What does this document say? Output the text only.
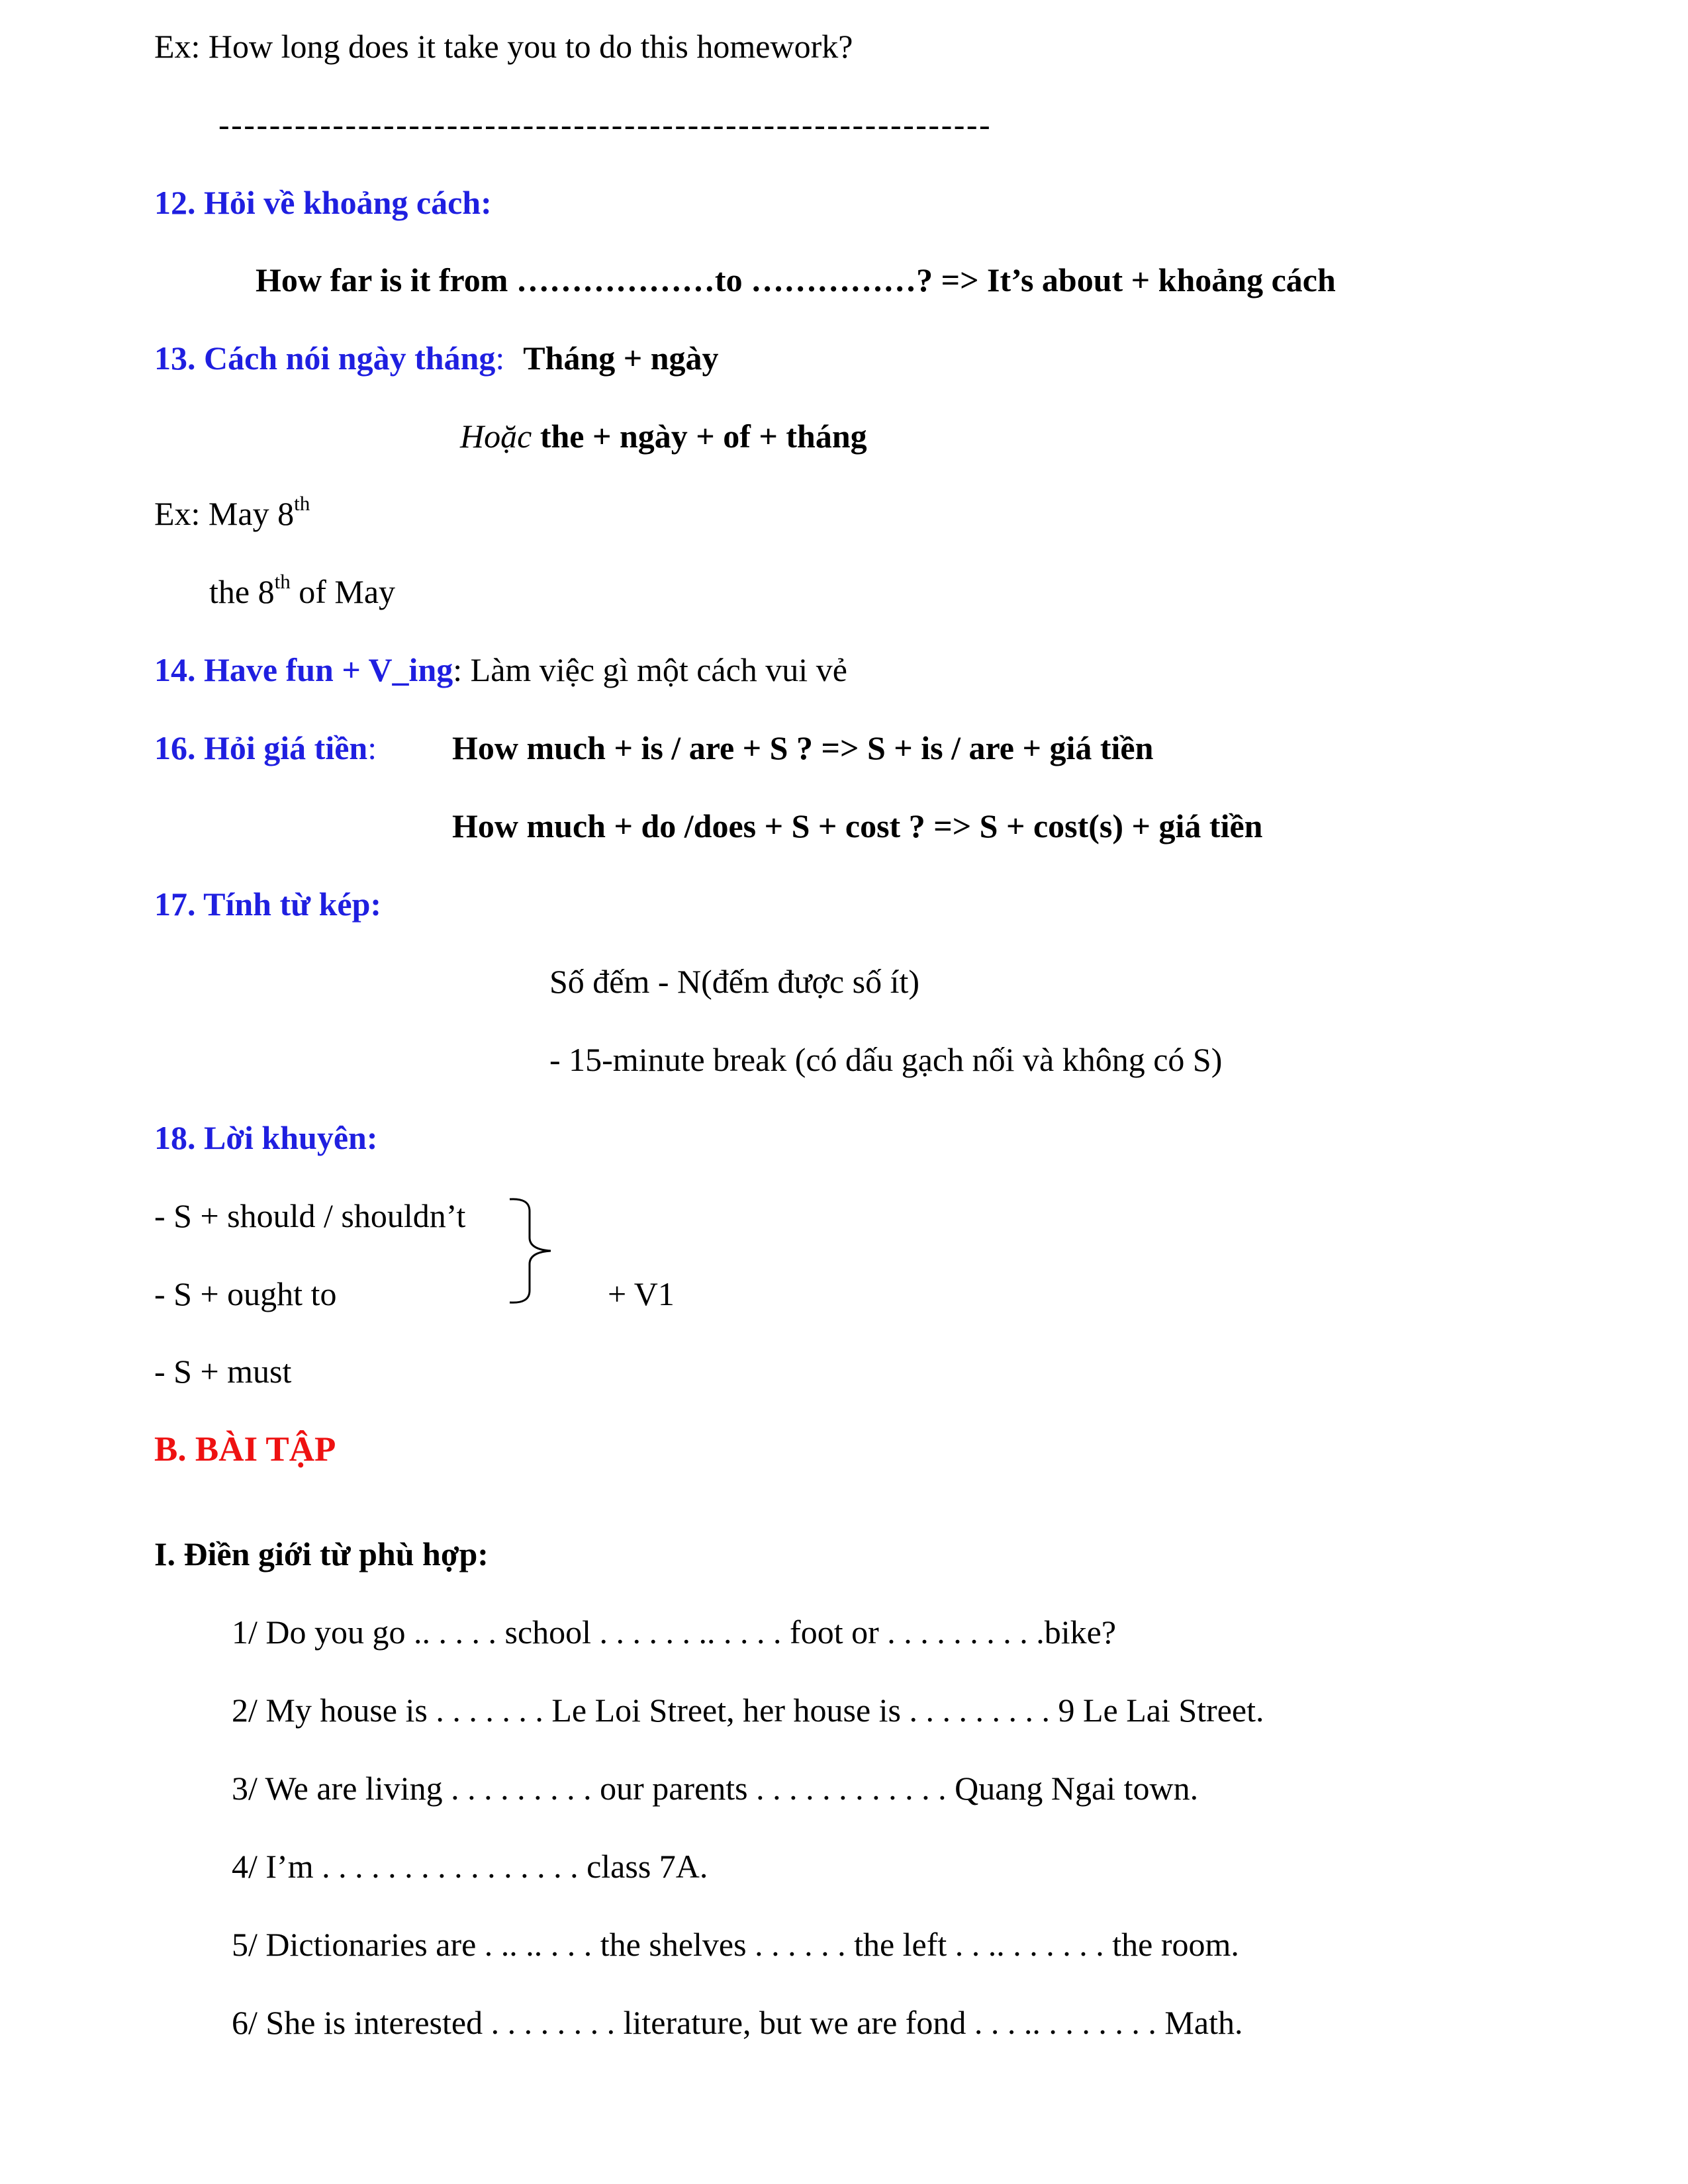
Ex: How long does it take you to do this homework?
-------------------------------------------------------------
12. Hỏi về khoảng cách:
How far is it from ………………to ……………? => It’s about + khoảng cách
13. Cách nói ngày tháng: Tháng + ngày
Hoặc the + ngày + of + tháng
Ex: May 8th
the 8th of May
14. Have fun + V_ing: Làm việc gì một cách vui vẻ
16. Hỏi giá tiền: How much + is / are + S ? => S + is / are + giá tiền
How much + do /does + S + cost ? => S + cost(s) + giá tiền
17. Tính từ kép:
Số đếm - N(đếm được số ít)
- 15-minute break (có dấu gạch nối và không có S)
18. Lời khuyên:
- S + should / shouldn’t
- S + ought to
- S + must
+ V1
B. BÀI TẬP
I. Điền giới từ phù hợp:
1/ Do you go .. . . . . school . . . . . . .. . . . . foot or . . . . . . . . . .bike?
2/ My house is . . . . . . . Le Loi Street, her house is . . . . . . . . . 9 Le Lai Street.
3/ We are living . . . . . . . . . our parents . . . . . . . . . . . . Quang Ngai town.
4/ I’m . . . . . . . . . . . . . . . . class 7A.
5/ Dictionaries are . .. .. . . . the shelves . . . . . . the left . . .. . . . . . . the room.
6/ She is interested . . . . . . . . literature, but we are fond . . . .. . . . . . . . Math.
